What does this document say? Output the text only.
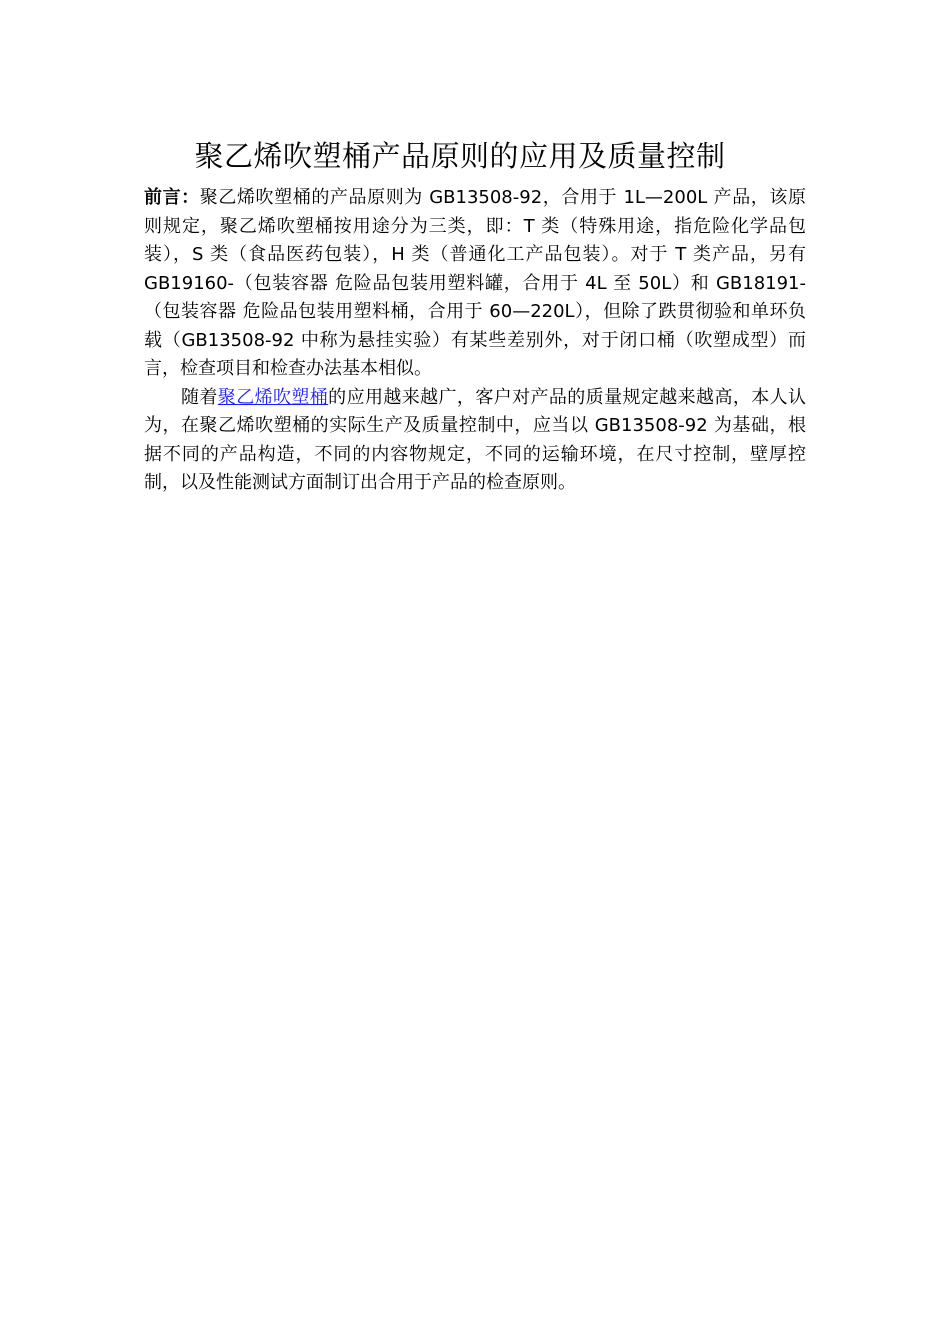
聚乙烯吹塑桶产品原则的应用及质量控制

前言：聚乙烯吹塑桶的产品原则为 GB13508-92，合用于 1L—200L 产品，该原则规定，聚乙烯吹塑桶按用途分为三类，即：T 类（特殊用途，指危险化学品包装），S 类（食品医药包装），H 类（普通化工产品包装）。对于 T 类产品，另有 GB19160-（包装容器 危险品包装用塑料罐，合用于 4L 至 50L）和 GB18191-（包装容器 危险品包装用塑料桶，合用于 60—220L），但除了跌贯彻验和单环负载（GB13508-92 中称为悬挂实验）有某些差别外，对于闭口桶（吹塑成型）而言，检查项目和检查办法基本相似。

随着聚乙烯吹塑桶的应用越来越广，客户对产品的质量规定越来越高，本人认为，在聚乙烯吹塑桶的实际生产及质量控制中，应当以 GB13508-92 为基础，根据不同的产品构造，不同的内容物规定，不同的运输环境，在尺寸控制，壁厚控制，以及性能测试方面制订出合用于产品的检查原则。
